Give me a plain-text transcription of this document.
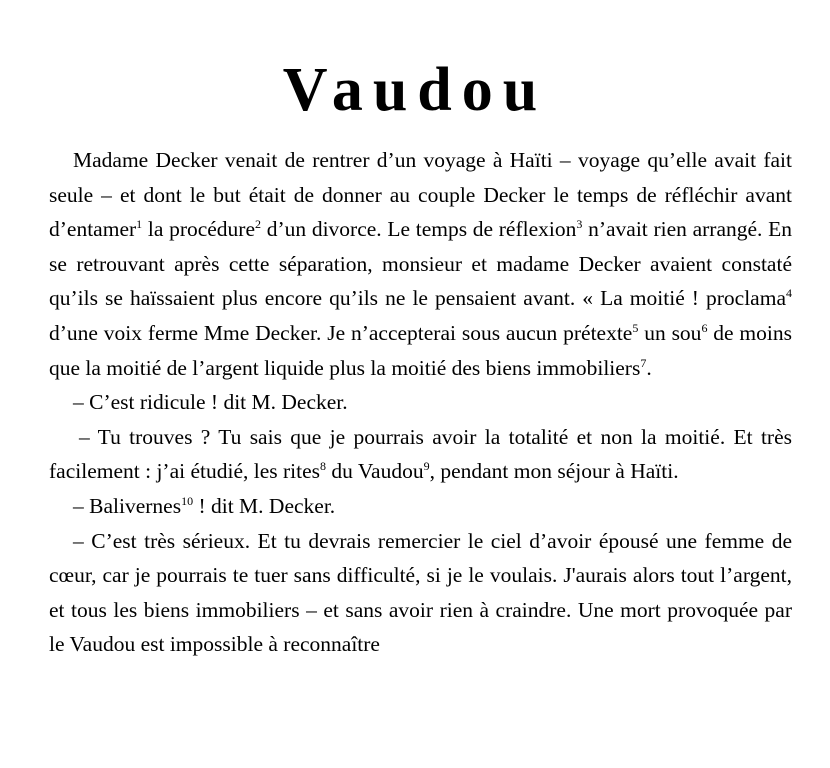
Vaudou

Madame Decker venait de rentrer d’un voyage à Haïti – voyage qu’elle avait fait seule – et dont le but était de donner au couple Decker le temps de réfléchir avant d’entamer$^1$ la procédure$^2$ d’un divorce. Le temps de réflexion$^3$ n’avait rien arrangé. En se retrouvant après cette séparation, monsieur et madame Decker avaient constaté qu’ils se haïssaient plus encore qu’ils ne le pensaient avant. « La moitié ! proclama$^4$ d’une voix ferme Mme Decker. Je n’accepterai sous aucun prétexte$^5$ un sou$^6$ de moins que la moitié de l’argent liquide plus la moitié des biens immobiliers$^7$.

– C’est ridicule ! dit M. Decker.

– Tu trouves ? Tu sais que je pourrais avoir la totalité et non la moitié. Et très facilement : j’ai étudié, les rites$^8$ du Vaudou$^9$, pendant mon séjour à Haïti.

– Balivernes$^{10}$ ! dit M. Decker.

– C’est très sérieux. Et tu devrais remercier le ciel d’avoir épousé une femme de cœur, car je pourrais te tuer sans difficulté, si je le voulais. J'aurais alors tout l’argent, et tous les biens immobiliers – et sans avoir rien à craindre. Une mort provoquée par le Vaudou est impossible à reconnaître
